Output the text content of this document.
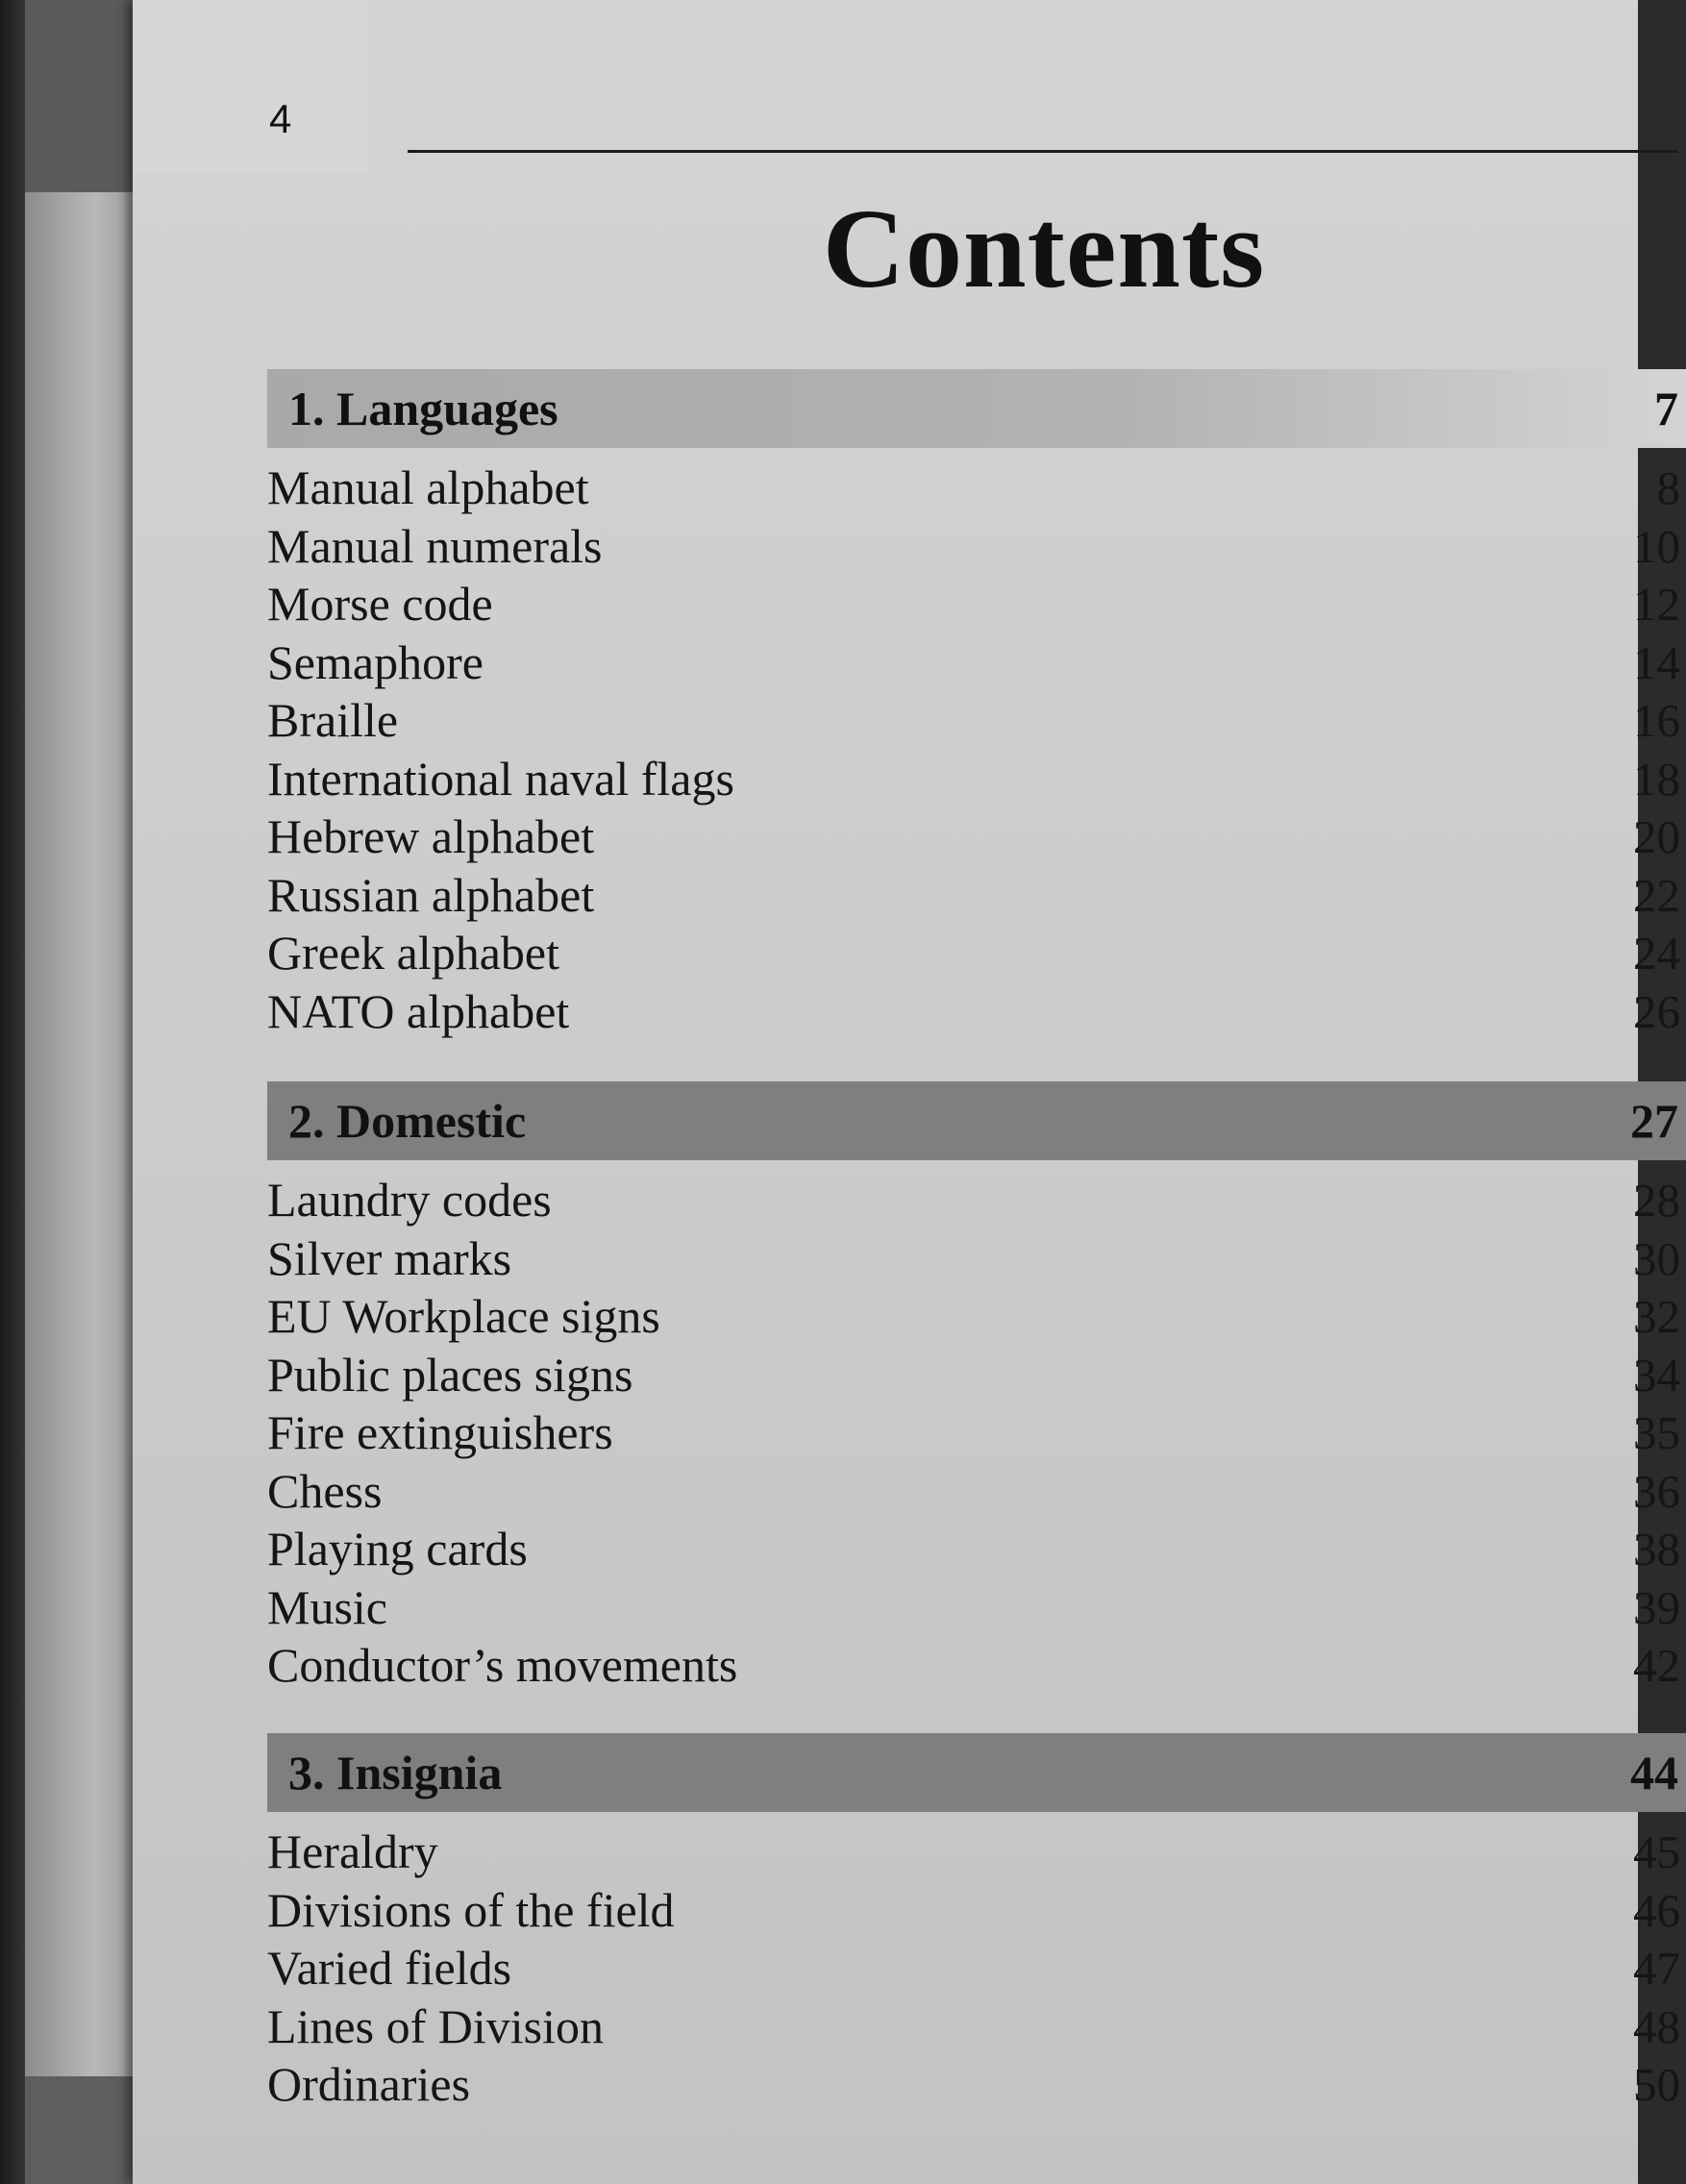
4
Contents
1. Languages	7
Manual alphabet	8
Manual numerals	10
Morse code	12
Semaphore	14
Braille	16
International naval flags	18
Hebrew alphabet	20
Russian alphabet	22
Greek alphabet	24
NATO alphabet	26
2. Domestic	27
Laundry codes	28
Silver marks	30
EU Workplace signs	32
Public places signs	34
Fire extinguishers	35
Chess	36
Playing cards	38
Music	39
Conductor’s movements	42
3. Insignia	44
Heraldry	45
Divisions of the field	46
Varied fields	47
Lines of Division	48
Ordinaries	50
